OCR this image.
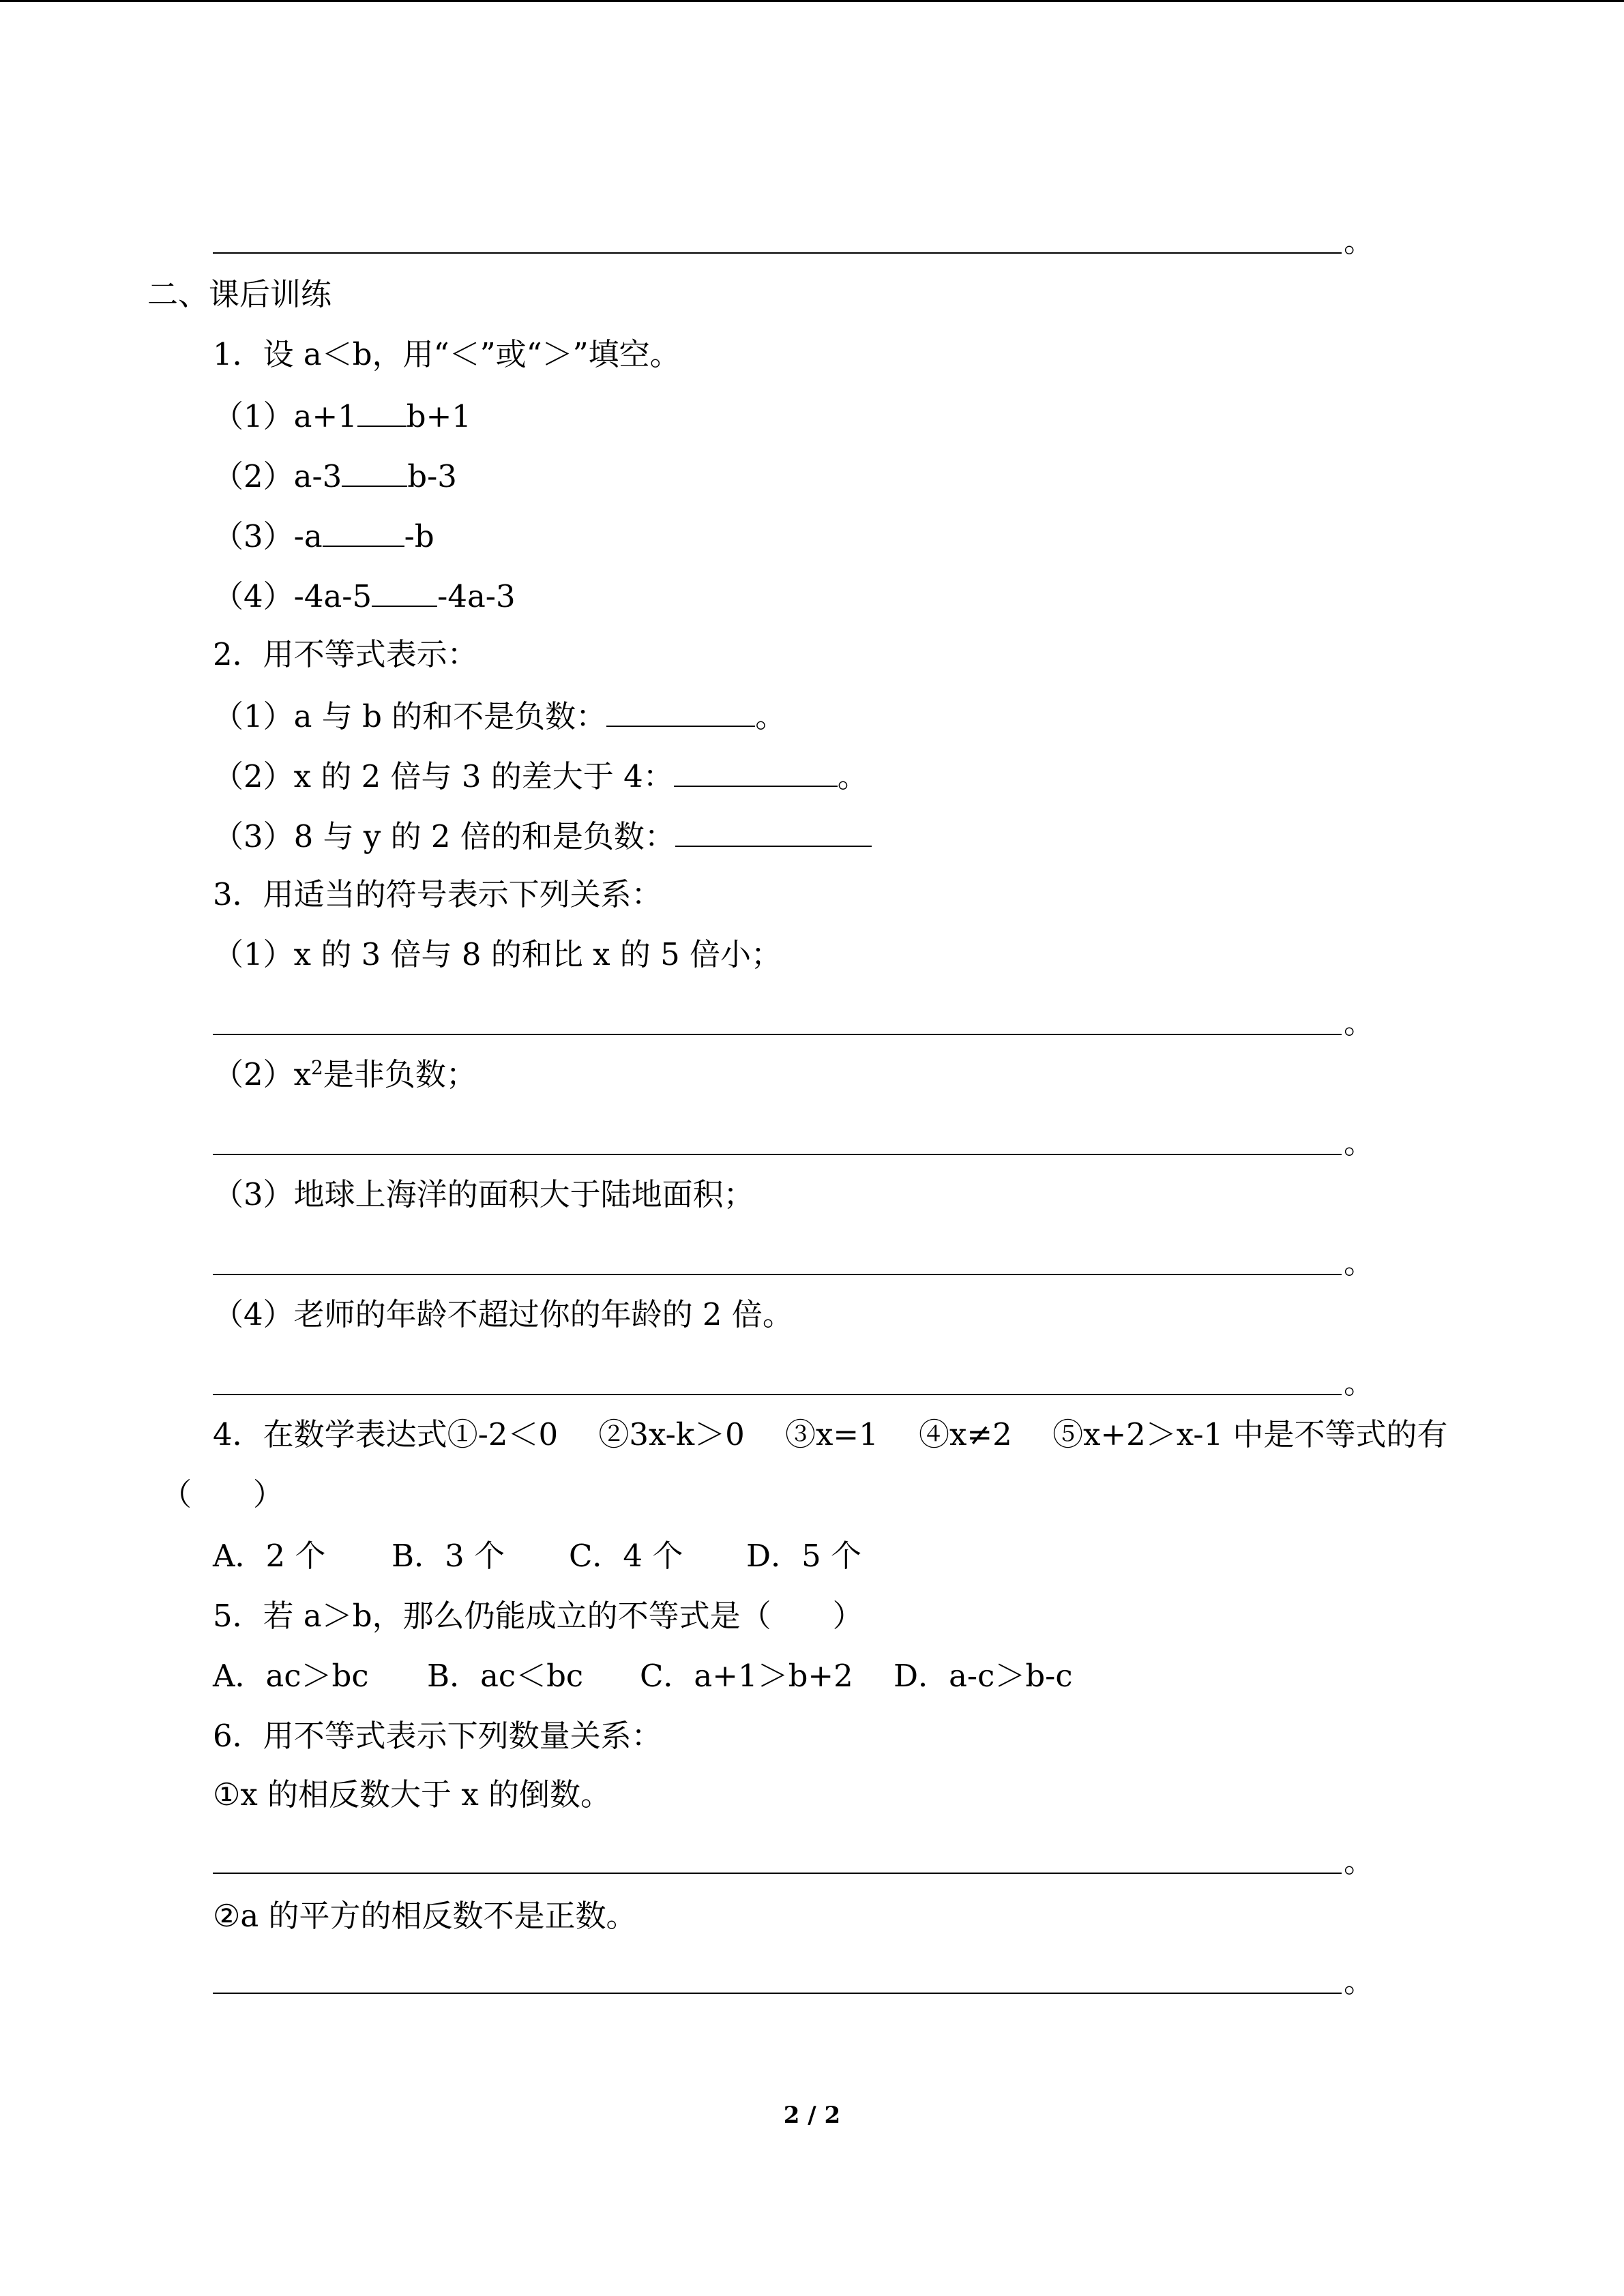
。
二、课后训练
1．设 a＜b，用“＜”或“＞”填空。
（1）a+1 b+1
（2）a-3 b-3
（3）-a	-b
（4）-4a-5 -4a-3
2．用不等式表示：
（1）a 与 b 的和不是负数：	。
（2）x 的 2 倍与 3 的差大于 4：	。
（3）8 与 y 的 2 倍的和是负数：
3．用适当的符号表示下列关系：
（1）x 的 3 倍与 8 的和比 x 的 5 倍小；
。
$(2)x^2$是非负数；
。
（3）地球上海洋的面积大于陆地面积；
。
（4）老师的年龄不超过你的年龄的 2 倍。
。
4．在数学表达式①-2＜0　 ②3x-k＞0　 ③x=1　 ④x≠2　 ⑤x+2＞x-1 中是不等式的有
（　　）
A．2 个 B．3 个 C．4 个 D．5 个
5．若 a＞b，那么仍能成立的不等式是（　　）
A．ac＞bc B．ac＜bc C．a+1＞b+2 D．a-c＞b-c
6．用不等式表示下列数量关系：
①x 的相反数大于 x 的倒数。
。
②a 的平方的相反数不是正数。
。
2 / 2
